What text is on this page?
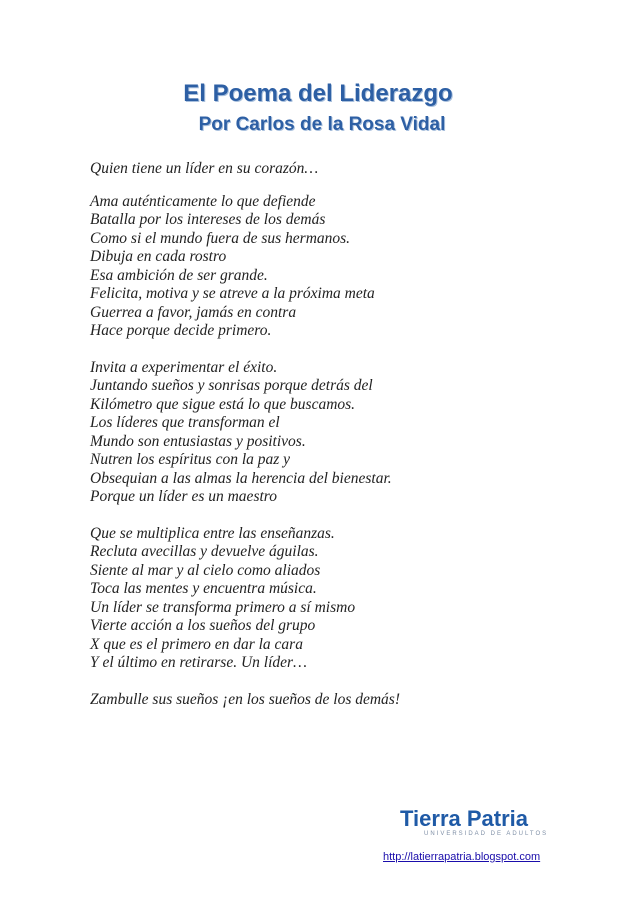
El Poema del Liderazgo
Por Carlos de la Rosa Vidal
Quien tiene un líder en su corazón…
Ama auténticamente lo que defiende
Batalla por los intereses de los demás
Como si el mundo fuera de sus hermanos.
Dibuja en cada rostro
Esa ambición de ser grande.
Felicita, motiva y se atreve a la próxima meta
Guerrea a favor, jamás en contra
Hace porque decide primero.
Invita a experimentar el éxito.
Juntando sueños y sonrisas porque detrás del
Kilómetro que sigue está lo que buscamos.
Los líderes que transforman el
Mundo son entusiastas y positivos.
Nutren los espíritus con la paz y
Obsequian a las almas la herencia del bienestar.
Porque un líder es un maestro
Que se multiplica entre las enseñanzas.
Recluta avecillas y devuelve águilas.
Siente al mar y al cielo como aliados
Toca las mentes y encuentra música.
Un líder se transforma primero a sí mismo
Vierte acción a los sueños del grupo
X que es el primero en dar la cara
Y el último en retirarse. Un líder…
Zambulle sus sueños ¡en los sueños de los demás!
Tierra Patria
UNIVERSIDAD DE ADULTOS
http://latierrapatria.blogspot.com
